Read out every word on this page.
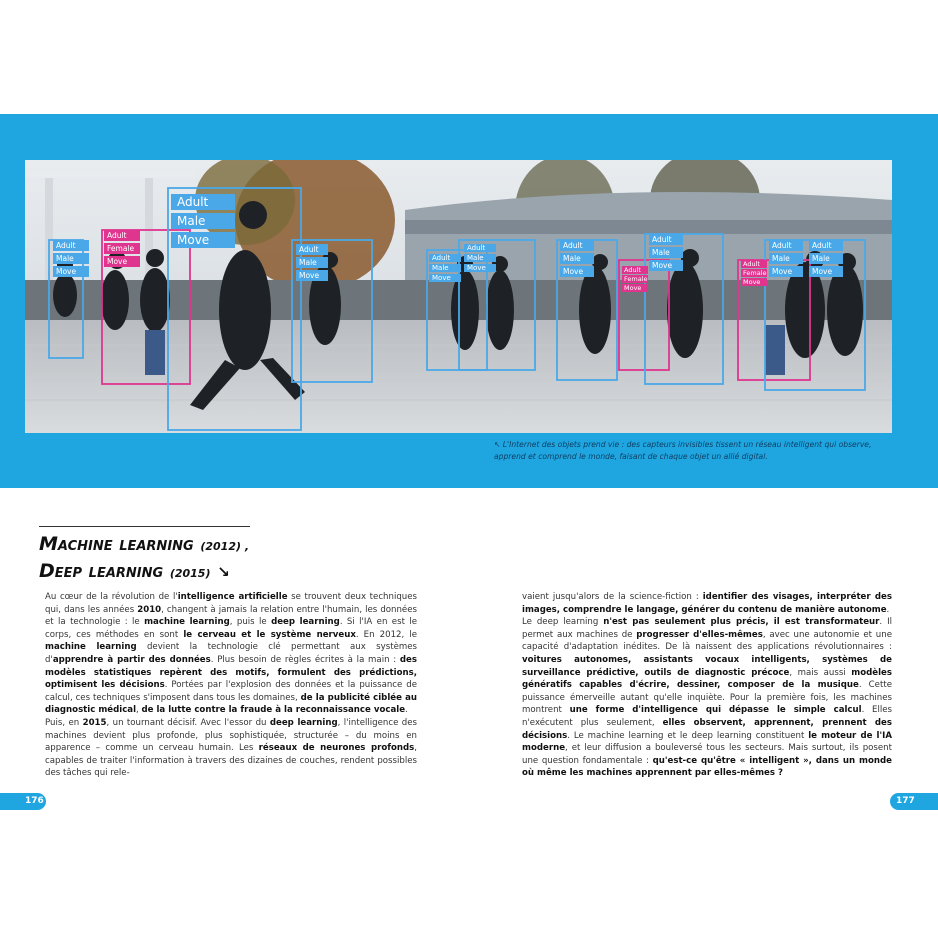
Adult
Male
Move
Adult
Female
Move
Adult
Male
Move
Adult
Male
Move
Adult
Male
Move
Adult
Male
Move
Adult
Male
Move	Adult
Female
Move
Adult
Male
Move	Adult
Female
Move
Adult
Male
Move
Adult
Male
Move
↖ L'Internet des objets prend vie : des capteurs invisibles tissent un réseau intelligent qui observe, apprend et comprend le monde, faisant de chaque objet un allié digital.
Machine learning (2012) ,
Deep learning (2015) ↘

Au cœur de la révolution de l'intelligence artificielle se trouvent deux techniques qui, dans les années 2010, changent à jamais la relation entre l'humain, les données et la technologie : le machine learning, puis le deep learning. Si l'IA en est le corps, ces méthodes en sont le cerveau et le système nerveux. En 2012, le machine learning devient la technologie clé permettant aux systèmes d'apprendre à partir des données. Plus besoin de règles écrites à la main : des modèles statistiques repèrent des motifs, formulent des prédictions, optimisent les décisions. Portées par l'explosion des données et la puissance de calcul, ces techniques s'imposent dans tous les domaines, de la publicité ciblée au diagnostic médical, de la lutte contre la fraude à la reconnaissance vocale.

Puis, en 2015, un tournant décisif. Avec l'essor du deep learning, l'intelligence des machines devient plus profonde, plus sophistiquée, structurée – du moins en apparence – comme un cerveau humain. Les réseaux de neurones profonds, capables de traiter l'information à travers des dizaines de couches, rendent possibles des tâches qui rele-

vaient jusqu'alors de la science-fiction : identifier des visages, interpréter des images, comprendre le langage, générer du contenu de manière autonome.

Le deep learning n'est pas seulement plus précis, il est transformateur. Il permet aux machines de progresser d'elles-mêmes, avec une autonomie et une capacité d'adaptation inédites. De là naissent des applications révolutionnaires : voitures autonomes, assistants vocaux intelligents, systèmes de surveillance prédictive, outils de diagnostic précoce, mais aussi modèles génératifs capables d'écrire, dessiner, composer de la musique. Cette puissance émerveille autant qu'elle inquiète. Pour la première fois, les machines montrent une forme d'intelligence qui dépasse le simple calcul. Elles n'exécutent plus seulement, elles observent, apprennent, prennent des décisions. Le machine learning et le deep learning constituent le moteur de l'IA moderne, et leur diffusion a bouleversé tous les secteurs. Mais surtout, ils posent une question fondamentale : qu'est-ce qu'être « intelligent », dans un monde où même les machines apprennent par elles-mêmes ?

176	177
